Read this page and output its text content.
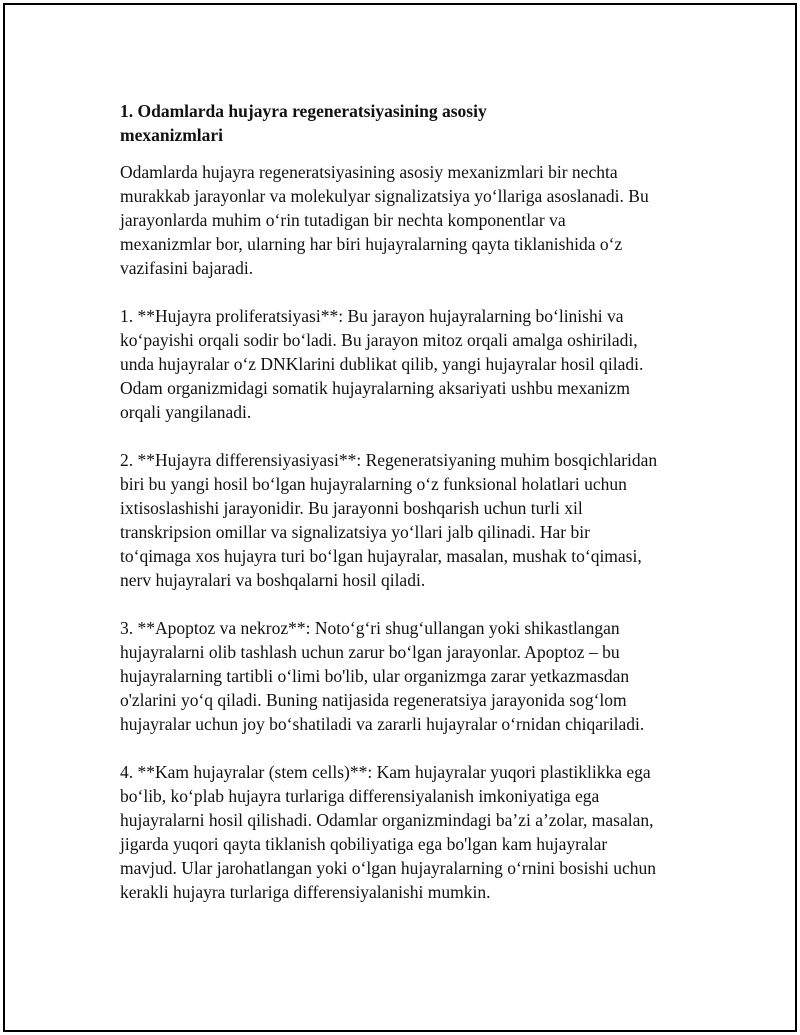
1. Odamlarda hujayra regeneratsiyasining asosiy
mexanizmlari

Odamlarda hujayra regeneratsiyasining asosiy mexanizmlari bir nechta
murakkab jarayonlar va molekulyar signalizatsiya yo‘llariga asoslanadi. Bu
jarayonlarda muhim o‘rin tutadigan bir nechta komponentlar va
mexanizmlar bor, ularning har biri hujayralarning qayta tiklanishida o‘z
vazifasini bajaradi.

1. **Hujayra proliferatsiyasi**: Bu jarayon hujayralarning bo‘linishi va
ko‘payishi orqali sodir bo‘ladi. Bu jarayon mitoz orqali amalga oshiriladi,
unda hujayralar o‘z DNKlarini dublikat qilib, yangi hujayralar hosil qiladi.
Odam organizmidagi somatik hujayralarning aksariyati ushbu mexanizm
orqali yangilanadi.

2. **Hujayra differensiyasiyasi**: Regeneratsiyaning muhim bosqichlaridan
biri bu yangi hosil bo‘lgan hujayralarning o‘z funksional holatlari uchun
ixtisoslashishi jarayonidir. Bu jarayonni boshqarish uchun turli xil
transkripsion omillar va signalizatsiya yo‘llari jalb qilinadi. Har bir
to‘qimaga xos hujayra turi bo‘lgan hujayralar, masalan, mushak to‘qimasi,
nerv hujayralari va boshqalarni hosil qiladi.

3. **Apoptoz va nekroz**: Noto‘g‘ri shug‘ullangan yoki shikastlangan
hujayralarni olib tashlash uchun zarur bo‘lgan jarayonlar. Apoptoz – bu
hujayralarning tartibli o‘limi bo'lib, ular organizmga zarar yetkazmasdan
o'zlarini yo‘q qiladi. Buning natijasida regeneratsiya jarayonida sog‘lom
hujayralar uchun joy bo‘shatiladi va zararli hujayralar o‘rnidan chiqariladi.

4. **Kam hujayralar (stem cells)**: Kam hujayralar yuqori plastiklikka ega
bo‘lib, ko‘plab hujayra turlariga differensiyalanish imkoniyatiga ega
hujayralarni hosil qilishadi. Odamlar organizmindagi ba’zi a’zolar, masalan,
jigarda yuqori qayta tiklanish qobiliyatiga ega bo'lgan kam hujayralar
mavjud. Ular jarohatlangan yoki o‘lgan hujayralarning o‘rnini bosishi uchun
kerakli hujayra turlariga differensiyalanishi mumkin.
